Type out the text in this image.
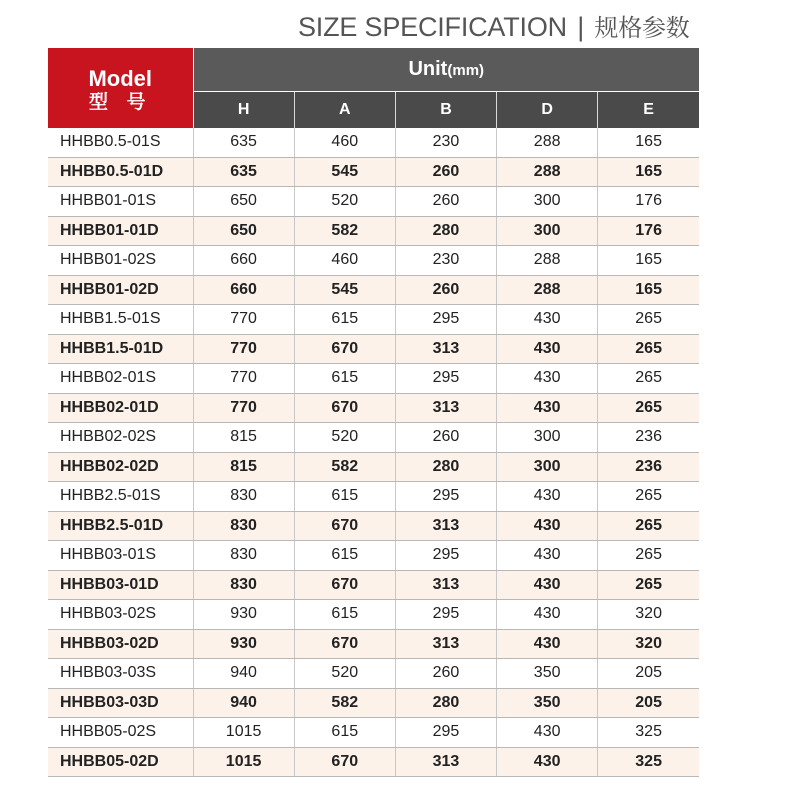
SIZE SPECIFICATION | 规格参数
Model
型 号	Unit(mm)				
	H	A	B	D	E
HHBB0.5-01S	635	460	230	288	165
HHBB0.5-01D	635	545	260	288	165
HHBB01-01S	650	520	260	300	176
HHBB01-01D	650	582	280	300	176
HHBB01-02S	660	460	230	288	165
HHBB01-02D	660	545	260	288	165
HHBB1.5-01S	770	615	295	430	265
HHBB1.5-01D	770	670	313	430	265
HHBB02-01S	770	615	295	430	265
HHBB02-01D	770	670	313	430	265
HHBB02-02S	815	520	260	300	236
HHBB02-02D	815	582	280	300	236
HHBB2.5-01S	830	615	295	430	265
HHBB2.5-01D	830	670	313	430	265
HHBB03-01S	830	615	295	430	265
HHBB03-01D	830	670	313	430	265
HHBB03-02S	930	615	295	430	320
HHBB03-02D	930	670	313	430	320
HHBB03-03S	940	520	260	350	205
HHBB03-03D	940	582	280	350	205
HHBB05-02S	1015	615	295	430	325
HHBB05-02D	1015	670	313	430	325
